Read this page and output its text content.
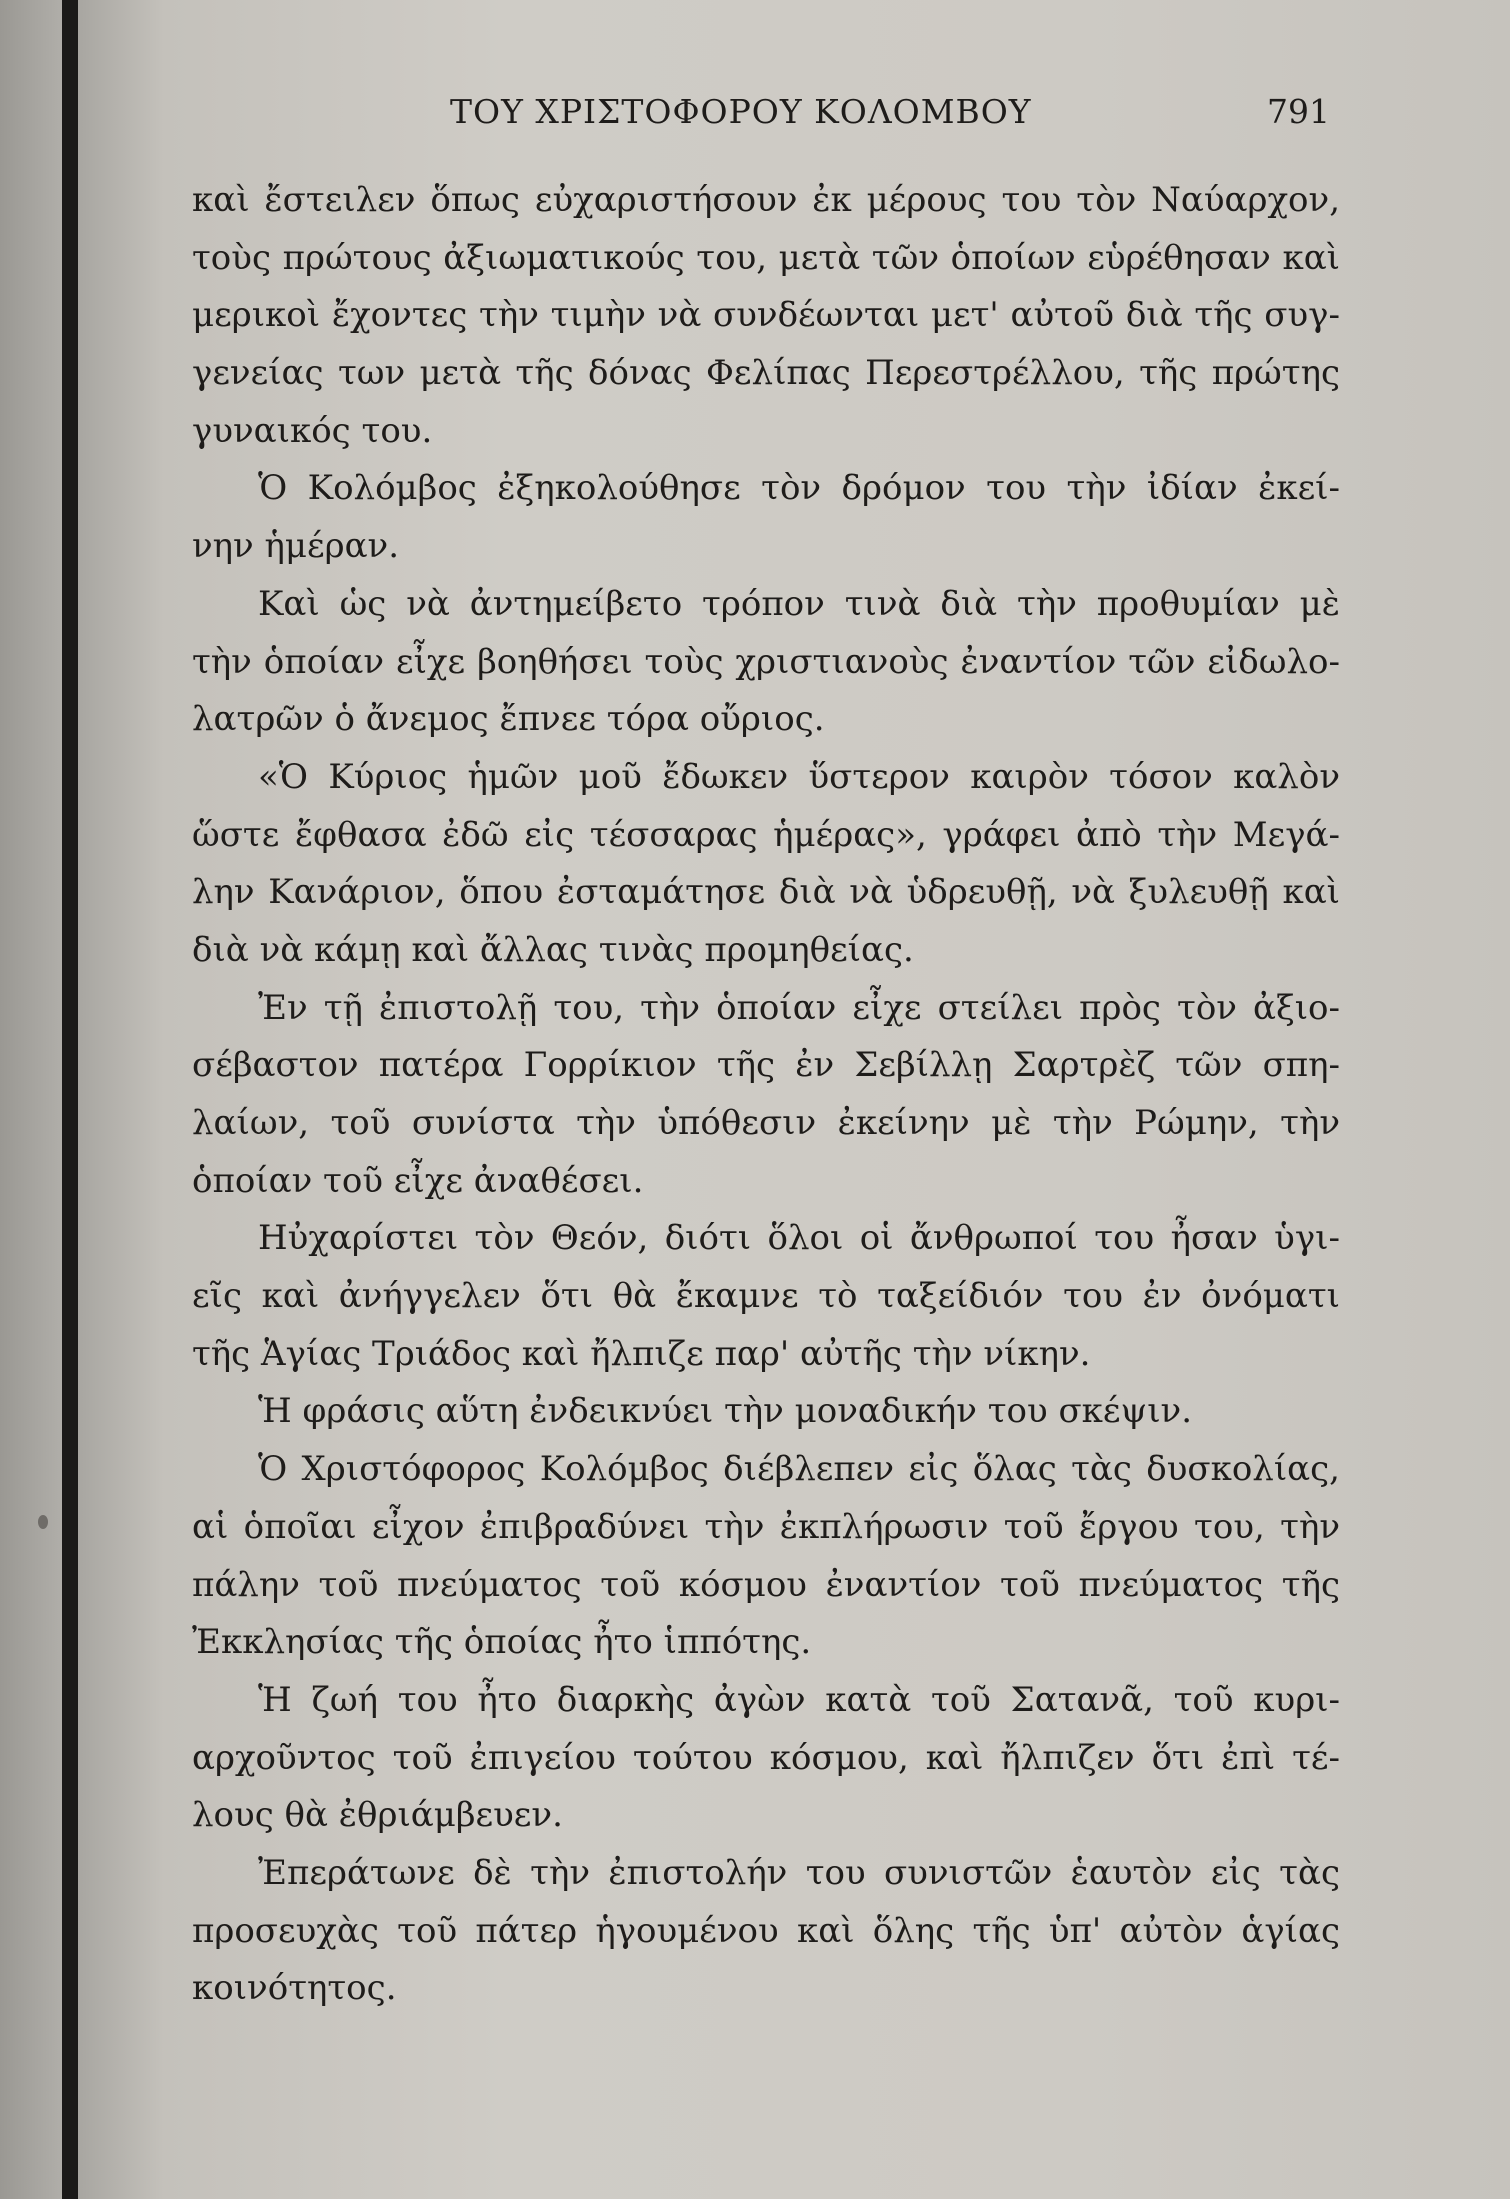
ΤΟΥ ΧΡΙΣΤΟΦΟΡΟΥ ΚΟΛΟΜΒΟΥ	791
καὶ ἔστειλεν ὅπως εὐχαριστήσουν ἐκ μέρους του τὸν Ναύαρχον,
τοὺς πρώτους ἀξιωματικούς του, μετὰ τῶν ὁποίων εὑρέθησαν καὶ
μερικοὶ ἔχοντες τὴν τιμὴν νὰ συνδέωνται μετ' αὐτοῦ διὰ τῆς συγ-
γενείας των μετὰ τῆς δόνας Φελίπας Περεστρέλλου, τῆς πρώτης
γυναικός του.
Ὁ Κολόμβος ἐξηκολούθησε τὸν δρόμον του τὴν ἰδίαν ἐκεί-
νην ἡμέραν.
Καὶ ὡς νὰ ἀντημείβετο τρόπον τινὰ διὰ τὴν προθυμίαν μὲ
τὴν ὁποίαν εἶχε βοηθήσει τοὺς χριστιανοὺς ἐναντίον τῶν εἰδωλο-
λατρῶν ὁ ἄνεμος ἔπνεε τόρα οὔριος.
«Ὁ Κύριος ἡμῶν μοῦ ἔδωκεν ὕστερον καιρὸν τόσον καλὸν
ὥστε ἔφθασα ἐδῶ εἰς τέσσαρας ἡμέρας», γράφει ἀπὸ τὴν Μεγά-
λην Κανάριον, ὅπου ἐσταμάτησε διὰ νὰ ὑδρευθῇ, νὰ ξυλευθῇ καὶ
διὰ νὰ κάμῃ καὶ ἄλλας τινὰς προμηθείας.
Ἐν τῇ ἐπιστολῇ του, τὴν ὁποίαν εἶχε στείλει πρὸς τὸν ἀξιο-
σέβαστον πατέρα Γορρίκιον τῆς ἐν Σεβίλλῃ Σαρτρὲζ τῶν σπη-
λαίων, τοῦ συνίστα τὴν ὑπόθεσιν ἐκείνην μὲ τὴν Ρώμην, τὴν
ὁποίαν τοῦ εἶχε ἀναθέσει.
Ηὐχαρίστει τὸν Θεόν, διότι ὅλοι οἱ ἄνθρωποί του ἦσαν ὑγι-
εῖς καὶ ἀνήγγελεν ὅτι θὰ ἔκαμνε τὸ ταξείδιόν του ἐν ὀνόματι
τῆς Ἁγίας Τριάδος καὶ ἤλπιζε παρ' αὐτῆς τὴν νίκην.
Ἡ φράσις αὕτη ἐνδεικνύει τὴν μοναδικήν του σκέψιν.
Ὁ Χριστόφορος Κολόμβος διέβλεπεν εἰς ὅλας τὰς δυσκολίας,
αἱ ὁποῖαι εἶχον ἐπιβραδύνει τὴν ἐκπλήρωσιν τοῦ ἔργου του, τὴν
πάλην τοῦ πνεύματος τοῦ κόσμου ἐναντίον τοῦ πνεύματος τῆς
Ἐκκλησίας τῆς ὁποίας ἦτο ἱππότης.
Ἡ ζωή του ἦτο διαρκὴς ἀγὼν κατὰ τοῦ Σατανᾶ, τοῦ κυρι-
αρχοῦντος τοῦ ἐπιγείου τούτου κόσμου, καὶ ἤλπιζεν ὅτι ἐπὶ τέ-
λους θὰ ἐθριάμβευεν.
Ἐπεράτωνε δὲ τὴν ἐπιστολήν του συνιστῶν ἑαυτὸν εἰς τὰς
προσευχὰς τοῦ πάτερ ἡγουμένου καὶ ὅλης τῆς ὑπ' αὐτὸν ἁγίας
κοινότητος.
